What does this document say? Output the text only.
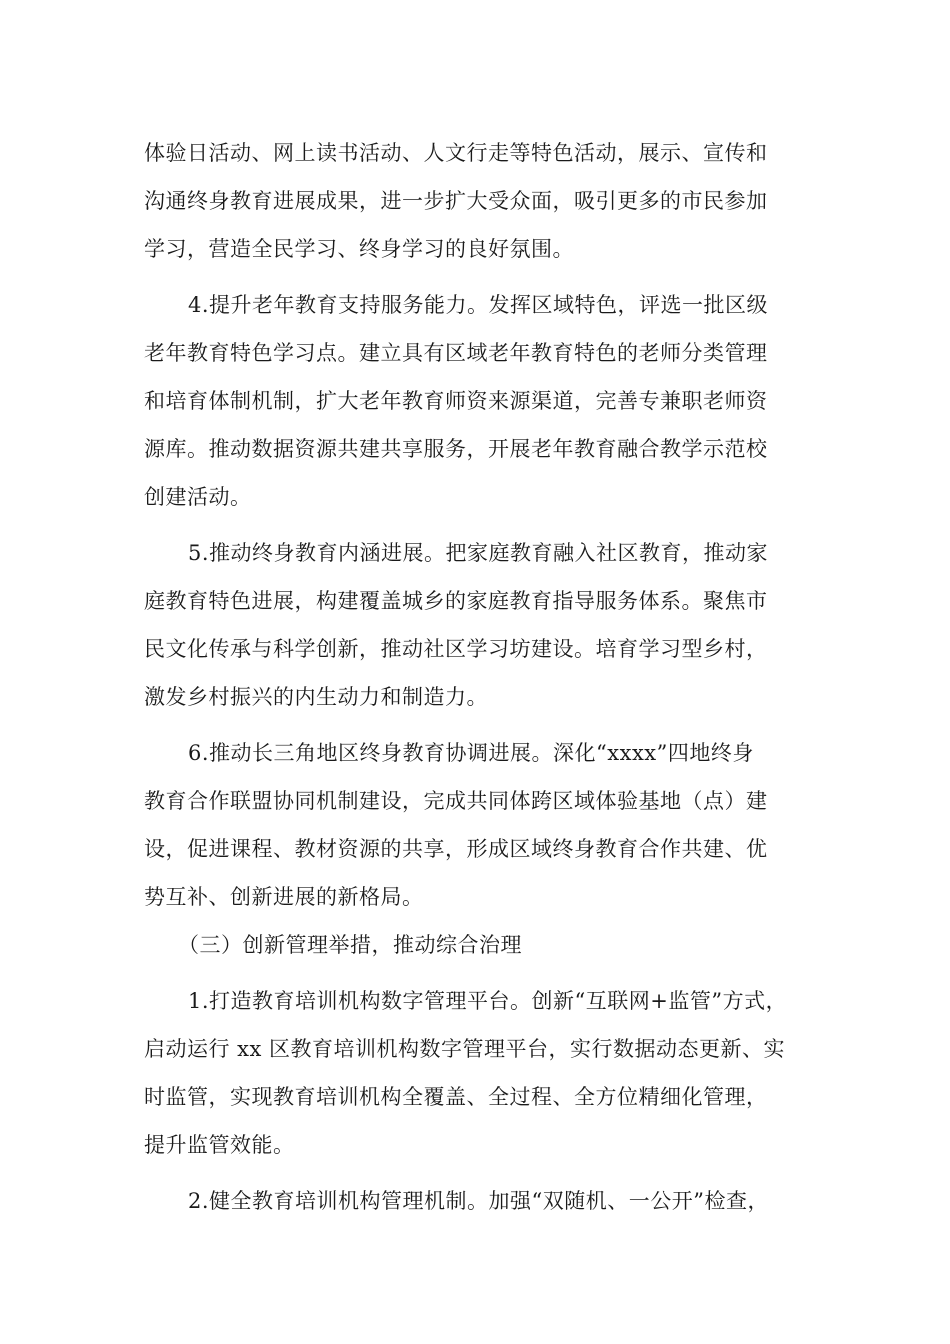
体验日活动、网上读书活动、人文行走等特色活动，展示、宣传和
沟通终身教育进展成果，进一步扩大受众面，吸引更多的市民参加
学习，营造全民学习、终身学习的良好氛围。
4.提升老年教育支持服务能力。发挥区域特色，评选一批区级
老年教育特色学习点。建立具有区域老年教育特色的老师分类管理
和培育体制机制，扩大老年教育师资来源渠道，完善专兼职老师资
源库。推动数据资源共建共享服务，开展老年教育融合教学示范校
创建活动。
5.推动终身教育内涵进展。把家庭教育融入社区教育，推动家
庭教育特色进展，构建覆盖城乡的家庭教育指导服务体系。聚焦市
民文化传承与科学创新，推动社区学习坊建设。培育学习型乡村，
激发乡村振兴的内生动力和制造力。
6.推动长三角地区终身教育协调进展。深化“xxxx”四地终身
教育合作联盟协同机制建设，完成共同体跨区域体验基地（点）建
设，促进课程、教材资源的共享，形成区域终身教育合作共建、优
势互补、创新进展的新格局。
（三）创新管理举措，推动综合治理
1.打造教育培训机构数字管理平台。创新“互联网+监管”方式，
启动运行 xx 区教育培训机构数字管理平台，实行数据动态更新、实
时监管，实现教育培训机构全覆盖、全过程、全方位精细化管理，
提升监管效能。
2.健全教育培训机构管理机制。加强“双随机、一公开”检查，
